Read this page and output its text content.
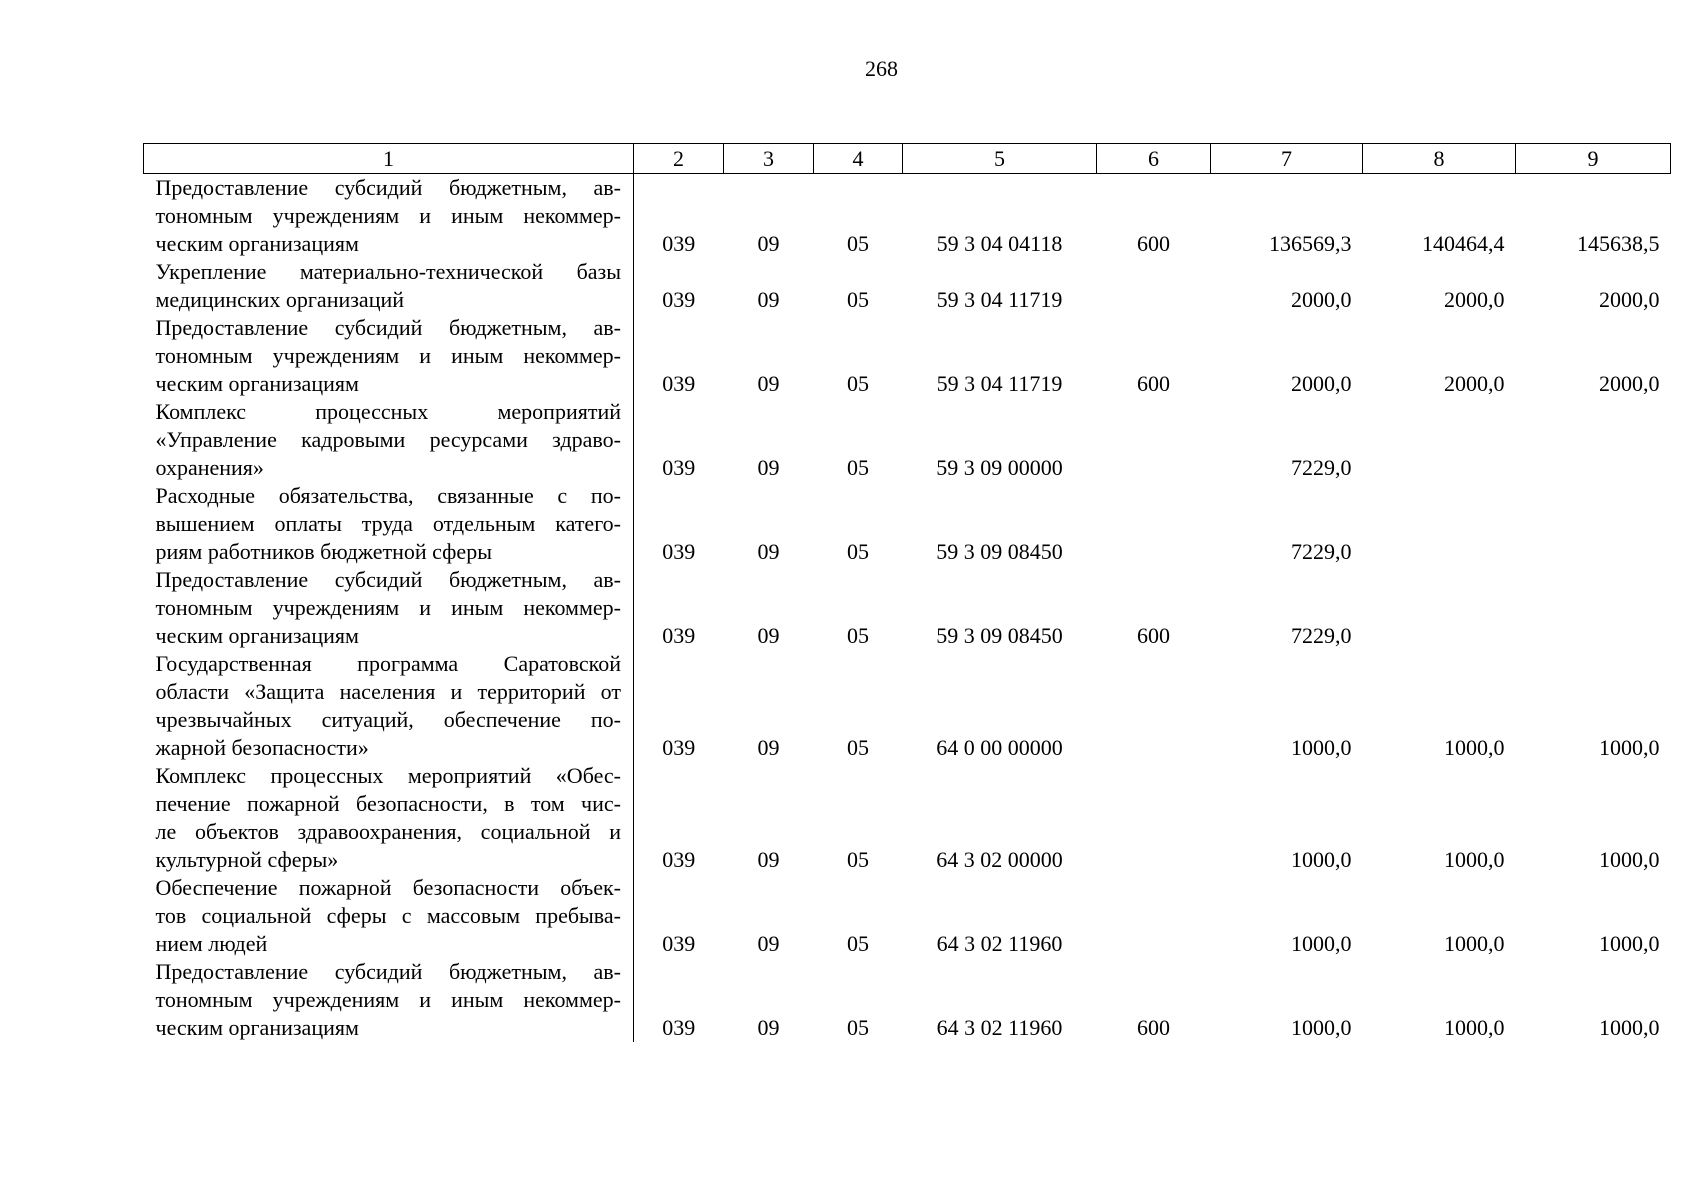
268
1	2	3	4	5	6	7	8	9

Предоставление субсидий бюджетным, ав-
тономным учреждениям и иным некоммер-
ческим организациям	039	09	05	59 3 04 04118	600	136569,3	140464,4	145638,5

Укрепление материально-технической базы
медицинских организаций	039	09	05	59 3 04 11719		2000,0	2000,0	2000,0

Предоставление субсидий бюджетным, ав-
тономным учреждениям и иным некоммер-
ческим организациям	039	09	05	59 3 04 11719	600	2000,0	2000,0	2000,0

Комплекс процессных мероприятий
«Управление кадровыми ресурсами здраво-
охранения»	039	09	05	59 3 09 00000		7229,0		

Расходные обязательства, связанные с по-
вышением оплаты труда отдельным катего-
риям работников бюджетной сферы	039	09	05	59 3 09 08450		7229,0		

Предоставление субсидий бюджетным, ав-
тономным учреждениям и иным некоммер-
ческим организациям	039	09	05	59 3 09 08450	600	7229,0		

Государственная программа Саратовской
области «Защита населения и территорий от
чрезвычайных ситуаций, обеспечение по-
жарной безопасности»	039	09	05	64 0 00 00000		1000,0	1000,0	1000,0

Комплекс процессных мероприятий «Обес-
печение пожарной безопасности, в том чис-
ле объектов здравоохранения, социальной и
культурной сферы»	039	09	05	64 3 02 00000		1000,0	1000,0	1000,0

Обеспечение пожарной безопасности объек-
тов социальной сферы с массовым пребыва-
нием людей	039	09	05	64 3 02 11960		1000,0	1000,0	1000,0

Предоставление субсидий бюджетным, ав-
тономным учреждениям и иным некоммер-
ческим организациям	039	09	05	64 3 02 11960	600	1000,0	1000,0	1000,0
